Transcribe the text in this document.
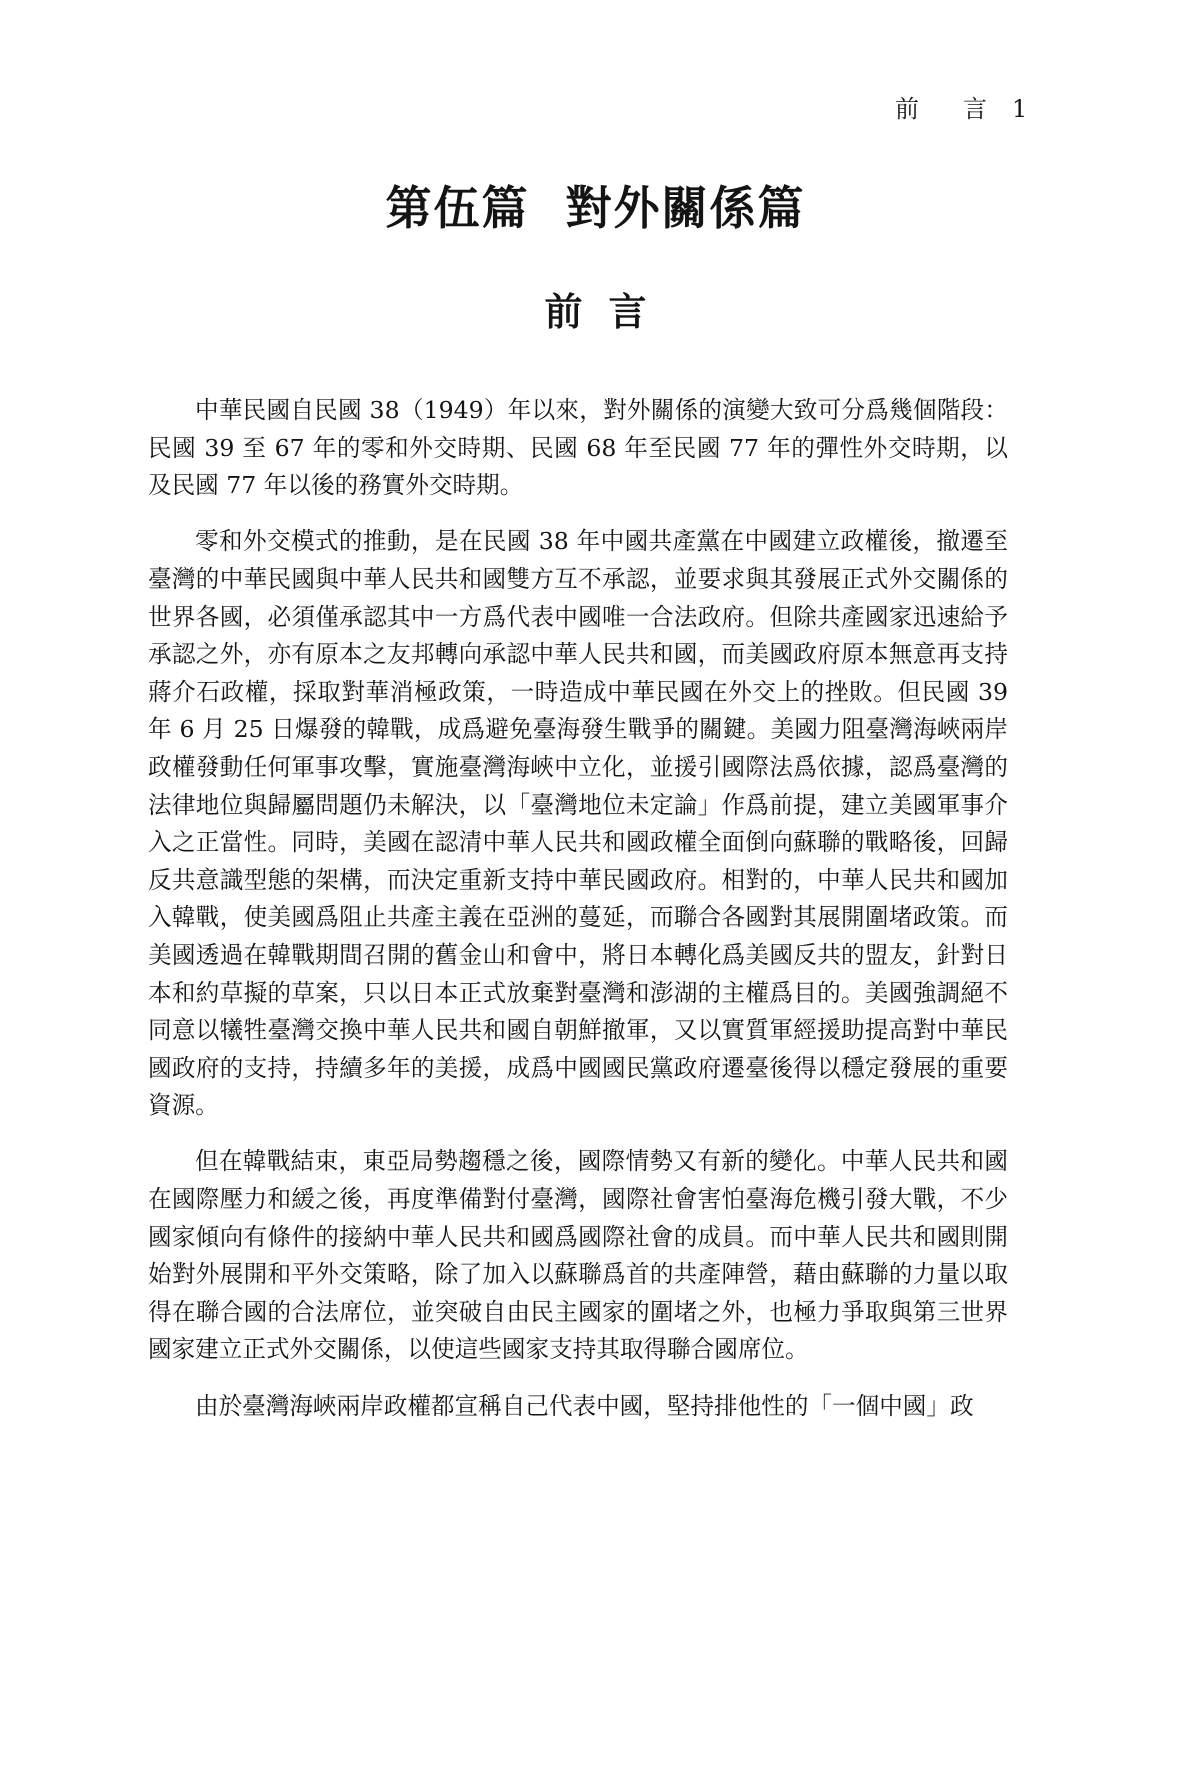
前　言 1
第伍篇 對外關係篇
前言

中華民國自民國 38（1949）年以來，對外關係的演變大致可分爲幾個階段：民國 39 至 67 年的零和外交時期、民國 68 年至民國 77 年的彈性外交時期，以及民國 77 年以後的務實外交時期。

零和外交模式的推動，是在民國 38 年中國共產黨在中國建立政權後，撤遷至臺灣的中華民國與中華人民共和國雙方互不承認，並要求與其發展正式外交關係的世界各國，必須僅承認其中一方爲代表中國唯一合法政府。但除共產國家迅速給予承認之外，亦有原本之友邦轉向承認中華人民共和國，而美國政府原本無意再支持蔣介石政權，採取對華消極政策，一時造成中華民國在外交上的挫敗。但民國 39 年 6 月 25 日爆發的韓戰，成爲避免臺海發生戰爭的關鍵。美國力阻臺灣海峽兩岸政權發動任何軍事攻擊，實施臺灣海峽中立化，並援引國際法爲依據，認爲臺灣的法律地位與歸屬問題仍未解決，以「臺灣地位未定論」作爲前提，建立美國軍事介入之正當性。同時，美國在認清中華人民共和國政權全面倒向蘇聯的戰略後，回歸反共意識型態的架構，而決定重新支持中華民國政府。相對的，中華人民共和國加入韓戰，使美國爲阻止共產主義在亞洲的蔓延，而聯合各國對其展開圍堵政策。而美國透過在韓戰期間召開的舊金山和會中，將日本轉化爲美國反共的盟友，針對日本和約草擬的草案，只以日本正式放棄對臺灣和澎湖的主權爲目的。美國強調絕不同意以犧牲臺灣交換中華人民共和國自朝鮮撤軍，又以實質軍經援助提高對中華民國政府的支持，持續多年的美援，成爲中國國民黨政府遷臺後得以穩定發展的重要資源。

但在韓戰結束，東亞局勢趨穩之後，國際情勢又有新的變化。中華人民共和國在國際壓力和緩之後，再度準備對付臺灣，國際社會害怕臺海危機引發大戰，不少國家傾向有條件的接納中華人民共和國爲國際社會的成員。而中華人民共和國則開始對外展開和平外交策略，除了加入以蘇聯爲首的共產陣營，藉由蘇聯的力量以取得在聯合國的合法席位，並突破自由民主國家的圍堵之外，也極力爭取與第三世界國家建立正式外交關係，以使這些國家支持其取得聯合國席位。

由於臺灣海峽兩岸政權都宣稱自己代表中國，堅持排他性的「一個中國」政
